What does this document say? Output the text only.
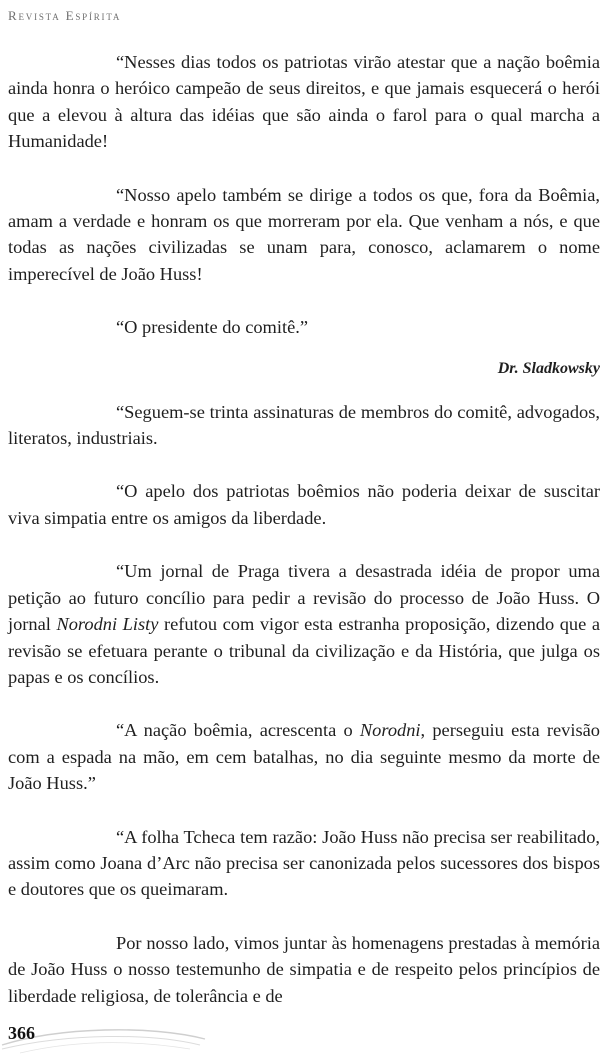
Revista Espírita

“Nesses dias todos os patriotas virão atestar que a nação boêmia ainda honra o heróico campeão de seus direitos, e que jamais esquecerá o herói que a elevou à altura das idéias que são ainda o farol para o qual marcha a Humanidade!

“Nosso apelo também se dirige a todos os que, fora da Boêmia, amam a verdade e honram os que morreram por ela. Que venham a nós, e que todas as nações civilizadas se unam para, conosco, aclamarem o nome imperecível de João Huss!

“O presidente do comitê.”

Dr. Sladkowsky

“Seguem-se trinta assinaturas de membros do comitê, advogados, literatos, industriais.

“O apelo dos patriotas boêmios não poderia deixar de suscitar viva simpatia entre os amigos da liberdade.

“Um jornal de Praga tivera a desastrada idéia de propor uma petição ao futuro concílio para pedir a revisão do processo de João Huss. O jornal Norodni Listy refutou com vigor esta estranha proposição, dizendo que a revisão se efetuara perante o tribunal da civilização e da História, que julga os papas e os concílios.

“A nação boêmia, acrescenta o Norodni, perseguiu esta revisão com a espada na mão, em cem batalhas, no dia seguinte mesmo da morte de João Huss.”

“A folha Tcheca tem razão: João Huss não precisa ser reabilitado, assim como Joana d’Arc não precisa ser canonizada pelos sucessores dos bispos e doutores que os queimaram.

Por nosso lado, vimos juntar às homenagens prestadas à memória de João Huss o nosso testemunho de simpatia e de respeito pelos princípios de liberdade religiosa, de tolerância e de

366
